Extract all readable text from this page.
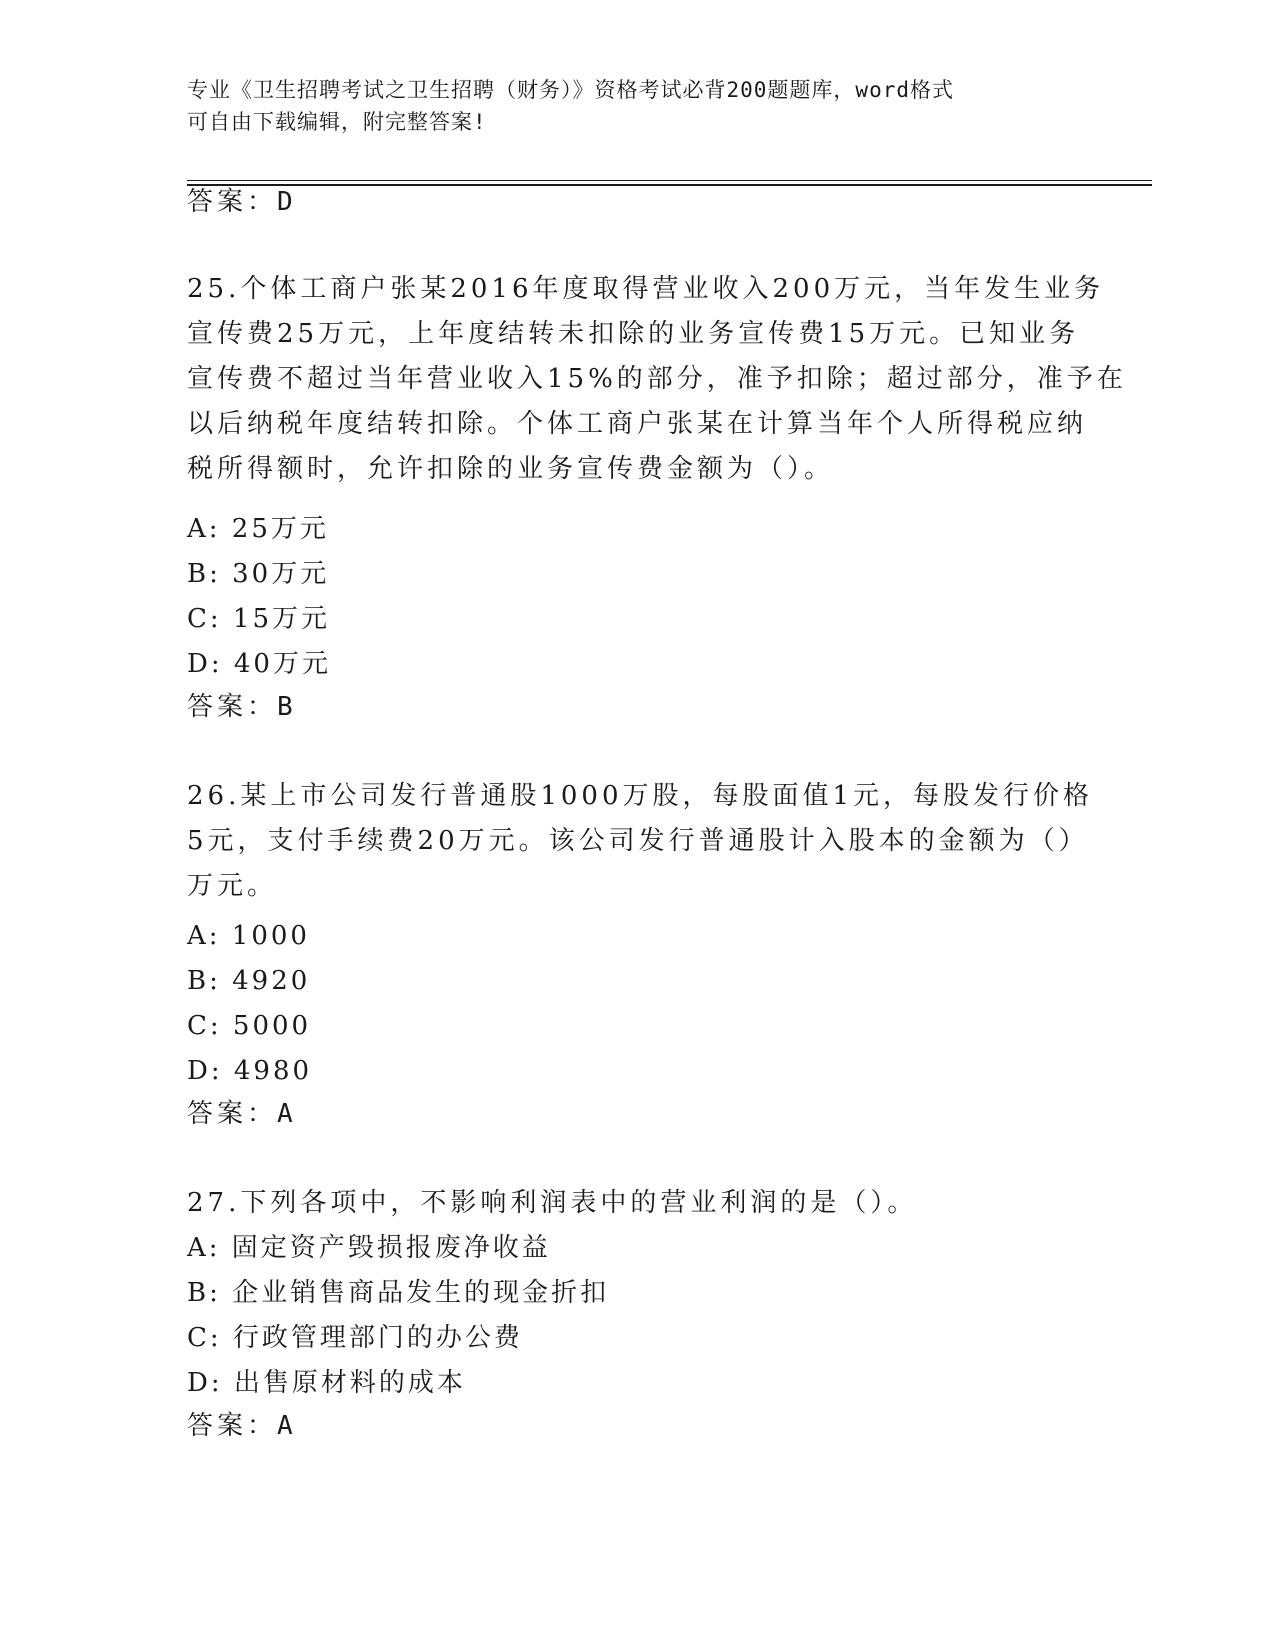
专业《卫生招聘考试之卫生招聘（财务）》资格考试必背200题题库，word格式
可自由下载编辑，附完整答案!
答案：D
25.个体工商户张某2016年度取得营业收入200万元，当年发生业务
宣传费25万元，上年度结转未扣除的业务宣传费15万元。已知业务
宣传费不超过当年营业收入15%的部分，准予扣除；超过部分，准予在
以后纳税年度结转扣除。个体工商户张某在计算当年个人所得税应纳
税所得额时，允许扣除的业务宣传费金额为（）。
A: 25万元
B: 30万元
C: 15万元
D: 40万元
答案：B
26.某上市公司发行普通股1000万股，每股面值1元，每股发行价格
5元，支付手续费20万元。该公司发行普通股计入股本的金额为（）
万元。
A: 1000
B: 4920
C: 5000
D: 4980
答案：A
27.下列各项中，不影响利润表中的营业利润的是（）。
A: 固定资产毁损报废净收益
B: 企业销售商品发生的现金折扣
C: 行政管理部门的办公费
D: 出售原材料的成本
答案：A
